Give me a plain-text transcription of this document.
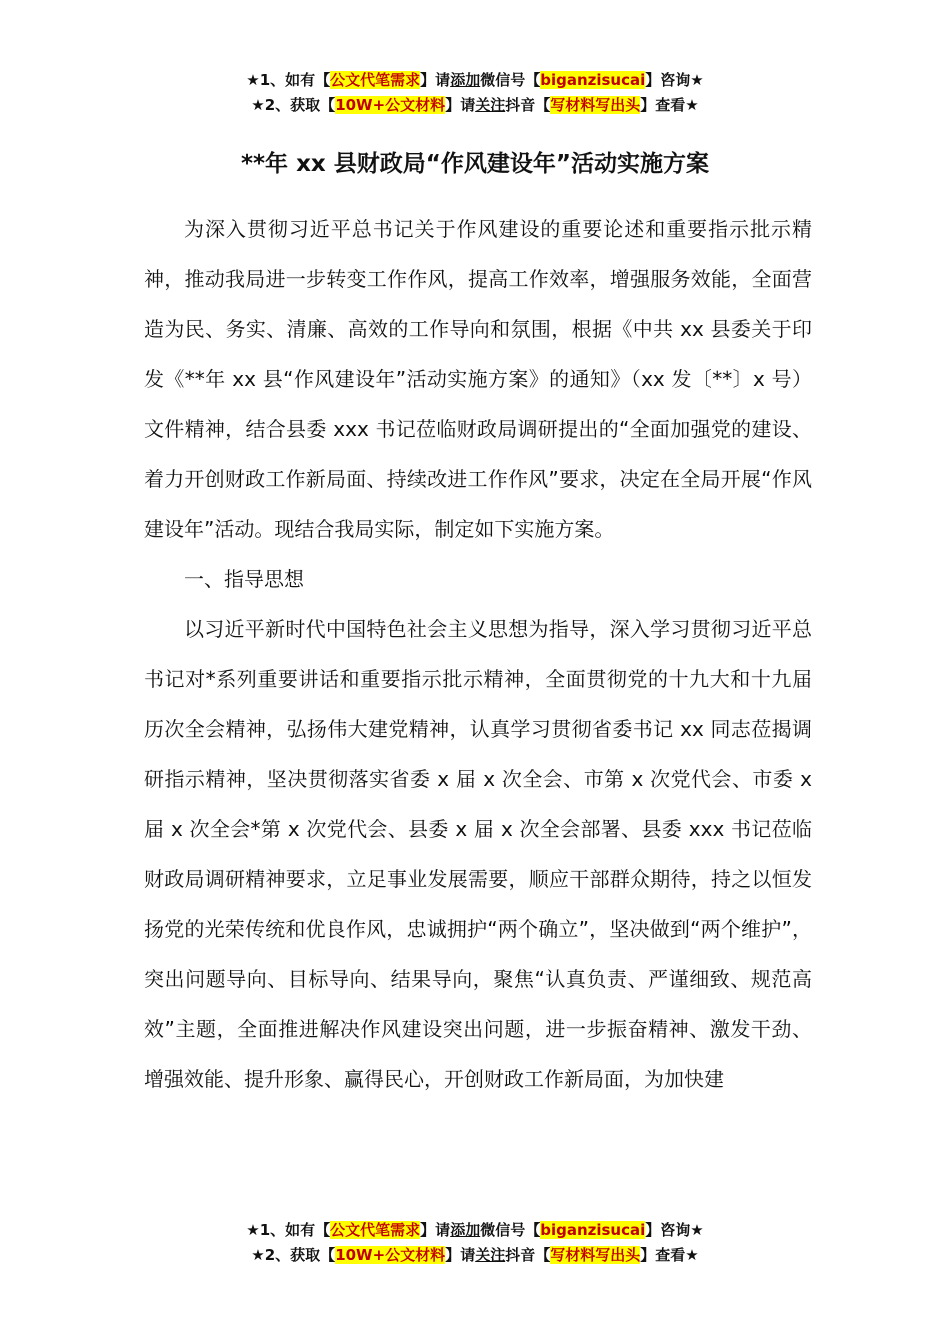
★1、如有【公文代笔需求】请添加微信号【biganzisucai】咨询★
★2、获取【10W+公文材料】请关注抖音【写材料写出头】查看★
**年 xx 县财政局“作风建设年”活动实施方案

为深入贯彻习近平总书记关于作风建设的重要论述和重要指示批示精神，推动我局进一步转变工作作风，提高工作效率，增强服务效能，全面营造为民、务实、清廉、高效的工作导向和氛围，根据《中共 xx 县委关于印发《**年 xx 县“作风建设年”活动实施方案》的通知》（xx 发〔**〕x 号）文件精神，结合县委 xxx 书记莅临财政局调研提出的“全面加强党的建设、着力开创财政工作新局面、持续改进工作作风”要求，决定在全局开展“作风建设年”活动。现结合我局实际，制定如下实施方案。

一、指导思想

以习近平新时代中国特色社会主义思想为指导，深入学习贯彻习近平总书记对*系列重要讲话和重要指示批示精神，全面贯彻党的十九大和十九届历次全会精神，弘扬伟大建党精神，认真学习贯彻省委书记 xx 同志莅揭调研指示精神，坚决贯彻落实省委 x 届 x 次全会、市第 x 次党代会、市委 x 届 x 次全会*第 x 次党代会、县委 x 届 x 次全会部署、县委 xxx 书记莅临财政局调研精神要求，立足事业发展需要，顺应干部群众期待，持之以恒发扬党的光荣传统和优良作风，忠诚拥护“两个确立”，坚决做到“两个维护”，突出问题导向、目标导向、结果导向，聚焦“认真负责、严谨细致、规范高效”主题，全面推进解决作风建设突出问题，进一步振奋精神、激发干劲、增强效能、提升形象、赢得民心，开创财政工作新局面，为加快建

★1、如有【公文代笔需求】请添加微信号【biganzisucai】咨询★
★2、获取【10W+公文材料】请关注抖音【写材料写出头】查看★
